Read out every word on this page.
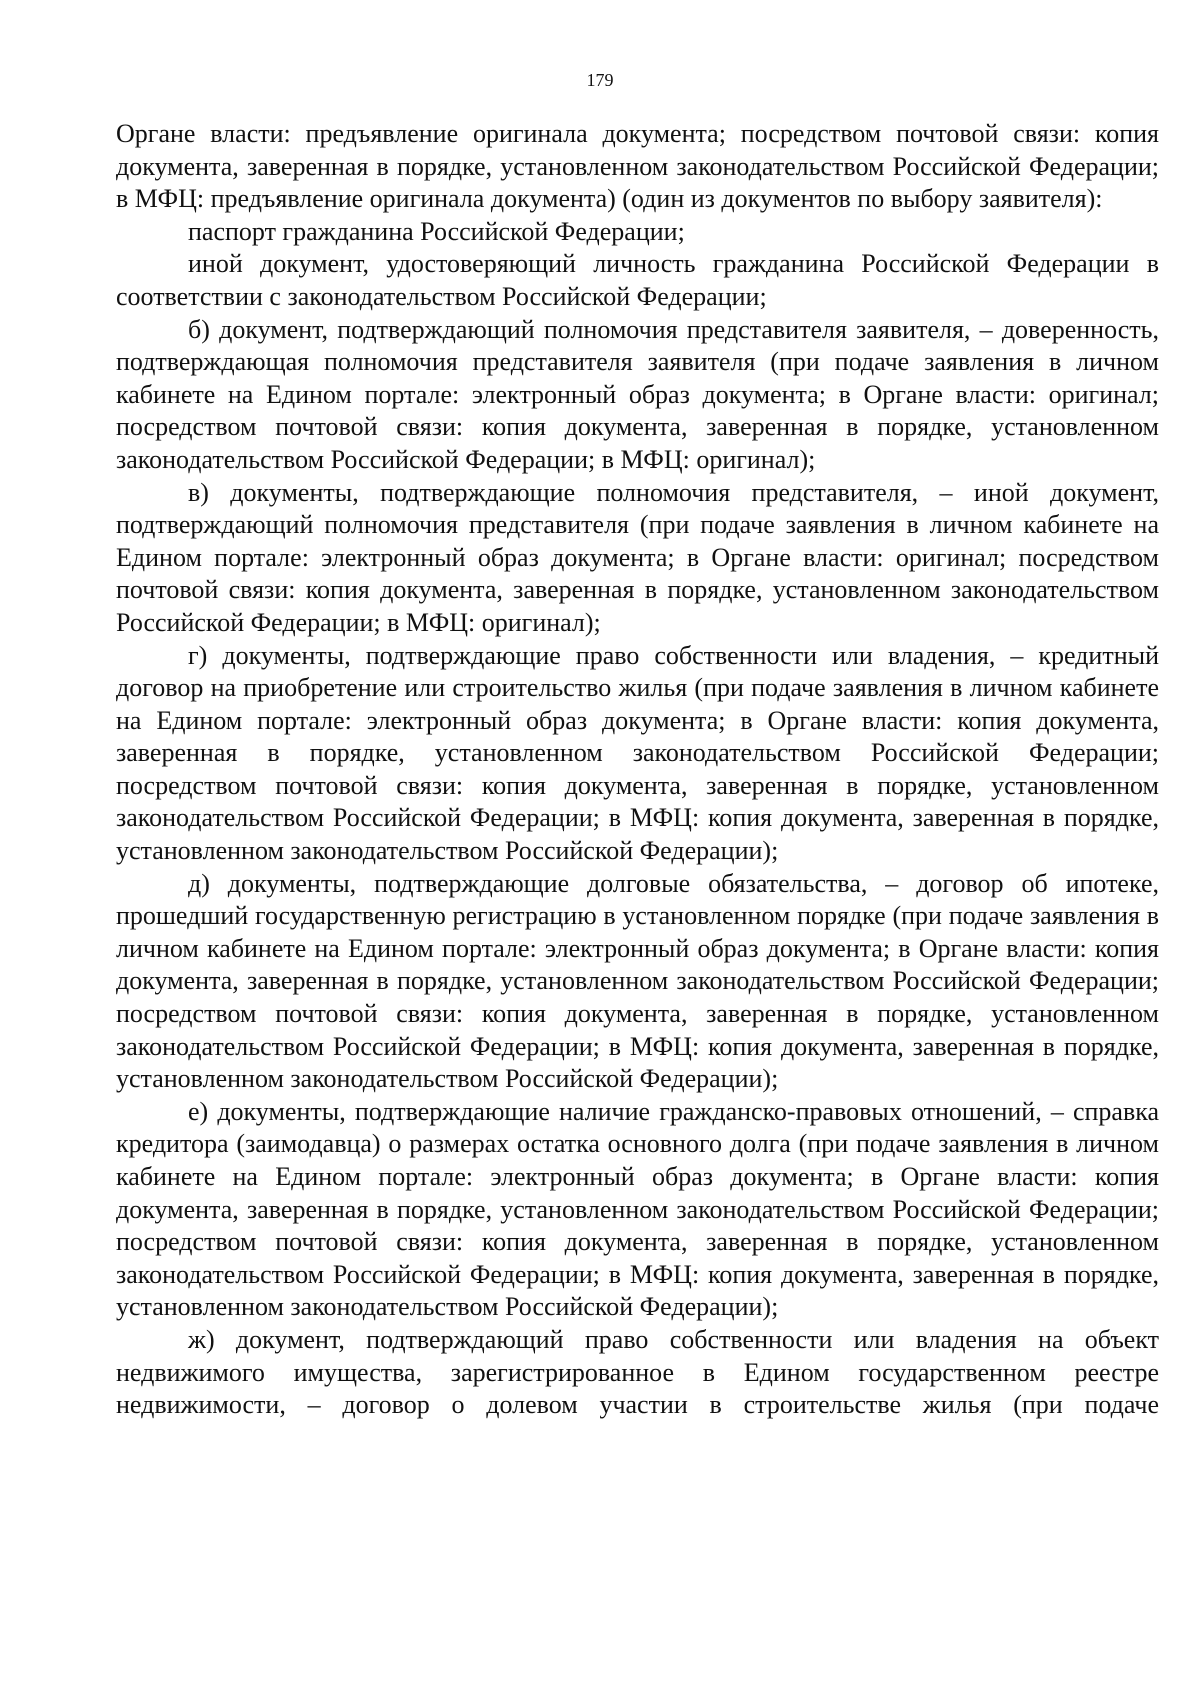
179

Органе власти: предъявление оригинала документа; посредством почтовой связи: копия документа, заверенная в порядке, установленном законодательством Российской Федерации; в МФЦ: предъявление оригинала документа) (один из документов по выбору заявителя):

паспорт гражданина Российской Федерации;

иной документ, удостоверяющий личность гражданина Российской Федерации в соответствии с законодательством Российской Федерации;

б) документ, подтверждающий полномочия представителя заявителя, – доверенность, подтверждающая полномочия представителя заявителя (при подаче заявления в личном кабинете на Едином портале: электронный образ документа; в Органе власти: оригинал; посредством почтовой связи: копия документа, заверенная в порядке, установленном законодательством Российской Федерации; в МФЦ: оригинал);

в) документы, подтверждающие полномочия представителя, – иной документ, подтверждающий полномочия представителя (при подаче заявления в личном кабинете на Едином портале: электронный образ документа; в Органе власти: оригинал; посредством почтовой связи: копия документа, заверенная в порядке, установленном законодательством Российской Федерации; в МФЦ: оригинал);

г) документы, подтверждающие право собственности или владения, – кредитный договор на приобретение или строительство жилья (при подаче заявления в личном кабинете на Едином портале: электронный образ документа; в Органе власти: копия документа, заверенная в порядке, установленном законодательством Российской Федерации; посредством почтовой связи: копия документа, заверенная в порядке, установленном законодательством Российской Федерации; в МФЦ: копия документа, заверенная в порядке, установленном законодательством Российской Федерации);

д) документы, подтверждающие долговые обязательства, – договор об ипотеке, прошедший государственную регистрацию в установленном порядке (при подаче заявления в личном кабинете на Едином портале: электронный образ документа; в Органе власти: копия документа, заверенная в порядке, установленном законодательством Российской Федерации; посредством почтовой связи: копия документа, заверенная в порядке, установленном законодательством Российской Федерации; в МФЦ: копия документа, заверенная в порядке, установленном законодательством Российской Федерации);

е) документы, подтверждающие наличие гражданско-правовых отношений, – справка кредитора (заимодавца) о размерах остатка основного долга (при подаче заявления в личном кабинете на Едином портале: электронный образ документа; в Органе власти: копия документа, заверенная в порядке, установленном законодательством Российской Федерации; посредством почтовой связи: копия документа, заверенная в порядке, установленном законодательством Российской Федерации; в МФЦ: копия документа, заверенная в порядке, установленном законодательством Российской Федерации);

ж) документ, подтверждающий право собственности или владения на объект недвижимого имущества, зарегистрированное в Едином государственном реестре недвижимости, – договор о долевом участии в строительстве жилья (при подаче
